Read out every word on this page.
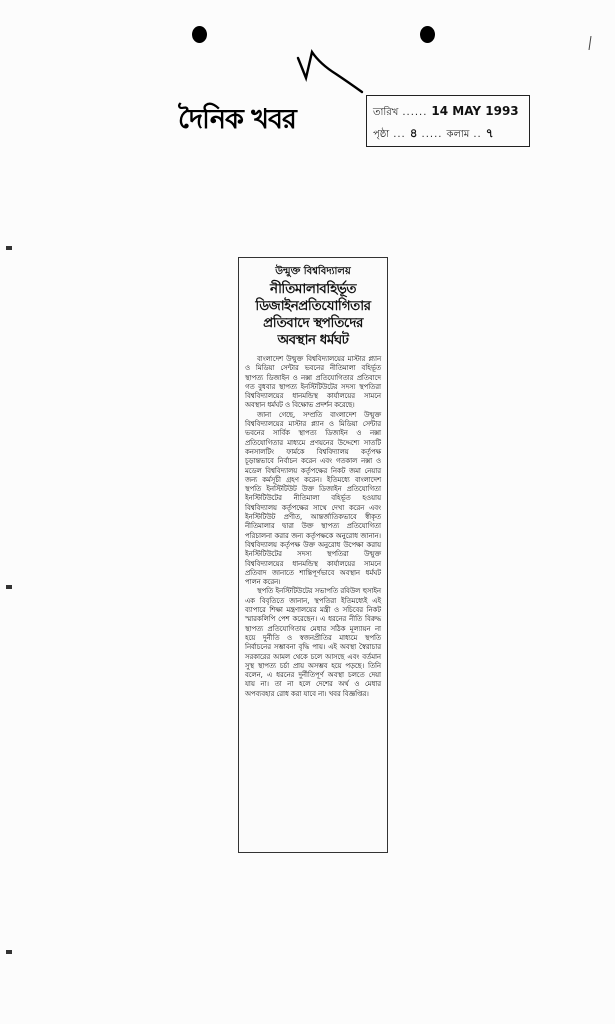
দৈনিক খবর	তারিখ ...... 14 MAY 1993
পৃষ্ঠা ... ৪ ..... কলাম .. ৭
উন্মুক্ত বিশ্ববিদ্যালয়
নীতিমালাবহির্ভূত
ডিজাইনপ্রতিযোগিতার
প্রতিবাদে স্থপতিদের
অবস্থান ধর্মঘট

বাংলাদেশ উন্মুক্ত বিশ্ববিদ্যালয়ের মাস্টার প্ল্যান ও মিডিয়া সেন্টার ভবনের নীতিমালা বহির্ভূত স্থাপত্য ডিজাইন ও নক্সা প্রতিযোগিতার প্রতিবাদে গত বুধবার স্থাপত্য ইনস্টিটিউটের সদস্য স্থপতিরা বিশ্ববিদ্যালয়ের ধানমন্ডিস্থ কার্যালয়ের সামনে অবস্থান ধর্মঘট ও বিক্ষোভ প্রদর্শন করেছে।

জানা গেছে, সম্প্রতি বাংলাদেশ উন্মুক্ত বিশ্ববিদ্যালয়ের মাস্টার প্ল্যান ও মিডিয়া সেন্টার ভবনের সার্বিক স্থাপত্য ডিজাইন ও নক্সা প্রতিযোগিতার মাধ্যমে প্রণয়নের উদ্দেশ্যে সাতটি কনসালটিং ফার্মকে বিশ্ববিদ্যালয় কর্তৃপক্ষ চূড়ান্তভাবে নির্বাচন করেন এবং গতকাল নক্সা ও মডেল বিশ্ববিদ্যালয় কর্তৃপক্ষের নিকট জমা নেয়ার জন্য কর্মসূচী গ্রহণ করেন। ইতিমধ্যে বাংলাদেশ স্থপতি ইনস্টিটিউট উক্ত ডিজাইন প্রতিযোগিতা ইনস্টিটিউটের নীতিমালা বহির্ভূত হওয়ায় বিশ্ববিদ্যালয় কর্তৃপক্ষের সাথে দেখা করেন এবং ইনস্টিটিউট প্রণীত, আন্তর্জাতিকভাবে স্বীকৃত নীতিমালার দ্বারা উক্ত স্থাপত্য প্রতিযোগিতা পরিচালনা করার জন্য কর্তৃপক্ষকে অনুরোধ জানান। বিশ্ববিদ্যালয় কর্তৃপক্ষ উক্ত অনুরোধ উপেক্ষা করায় ইনস্টিটিউটের সদস্য স্থপতিরা উন্মুক্ত বিশ্ববিদ্যালয়ের ধানমন্ডিস্থ কার্যালয়ের সামনে প্রতিবাদ জানাতে শান্তিপূর্ণভাবে অবস্থান ধর্মঘট পালন করেন।

স্থপতি ইনস্টিটিউটের সভাপতি রবিউল হুসাইন এক বিবৃতিতে জানান, স্থপতিরা ইতিমধ্যেই এই ব্যাপারে শিক্ষা মন্ত্রণালয়ের মন্ত্রী ও সচিবের নিকট স্মারকলিপি পেশ করেছেন। এ ধরনের নীতি বিরুদ্ধ স্থাপত্য প্রতিযোগিতায় মেধার সঠিক মূল্যায়ন না হয়ে দুর্নীতি ও স্বজনপ্রীতির মাধ্যমে স্থপতি নির্বাচনের সম্ভাবনা বৃদ্ধি পায়। এই অবস্থা স্বৈরাচার সরকারের আমল থেকে চলে আসছে এবং বর্তমান সুস্থ স্থাপত্য চর্চা প্রায় অসম্ভব হয়ে পড়ছে। তিনি বলেন, এ ধরনের দুর্নীতিপূর্ণ অবস্থা চলতে দেয়া যায় না। তা না হলে দেশের অর্থ ও মেধার অপব্যবহার রোধ করা যাবে না। খবর বিজ্ঞপ্তির।
